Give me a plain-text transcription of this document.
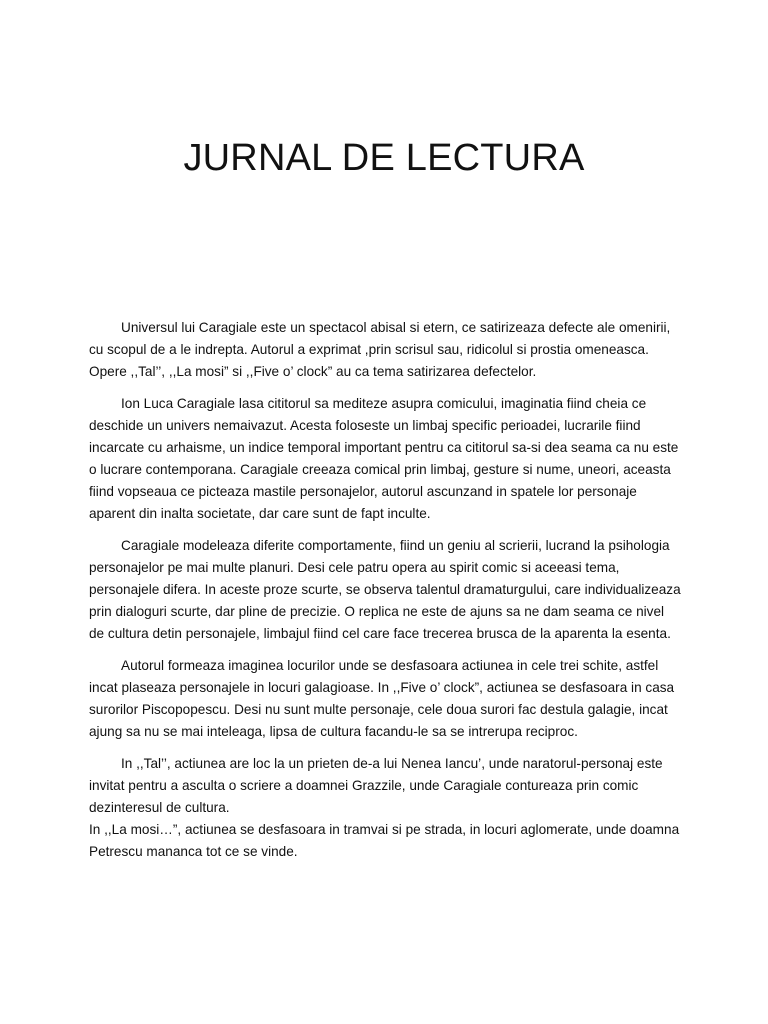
JURNAL DE LECTURA

Universul lui Caragiale este un spectacol abisal si etern, ce satirizeaza defecte ale omenirii, cu scopul de a le indrepta. Autorul a exprimat ,prin scrisul sau, ridicolul si prostia omeneasca. Opere ,,Tal’’, ,,La mosi” si ,,Five o’ clock” au ca tema satirizarea defectelor.

Ion Luca Caragiale lasa cititorul sa mediteze asupra comicului, imaginatia fiind cheia ce deschide un univers nemaivazut. Acesta foloseste un limbaj specific perioadei, lucrarile fiind incarcate cu arhaisme, un indice temporal important pentru ca cititorul sa-si dea seama ca nu este o lucrare contemporana. Caragiale creeaza comical prin limbaj, gesture si nume, uneori, aceasta fiind vopseaua ce picteaza mastile personajelor, autorul ascunzand in spatele lor personaje aparent din inalta societate, dar care sunt de fapt inculte.

Caragiale modeleaza diferite comportamente, fiind un geniu al scrierii, lucrand la psihologia personajelor pe mai multe planuri. Desi cele patru opera au spirit comic si aceeasi tema, personajele difera. In aceste proze scurte, se observa talentul dramaturgului, care individualizeaza prin dialoguri scurte, dar pline de precizie. O replica ne este de ajuns sa ne dam seama ce nivel de cultura detin personajele, limbajul fiind cel care face trecerea brusca de la aparenta la esenta.

Autorul formeaza imaginea locurilor unde se desfasoara actiunea in cele trei schite, astfel incat plaseaza personajele in locuri galagioase. In ,,Five o’ clock”, actiunea se desfasoara in casa surorilor Piscopopescu. Desi nu sunt multe personaje, cele doua surori fac destula galagie, incat ajung sa nu se mai inteleaga, lipsa de cultura facandu-le sa se intrerupa reciproc.

In ,,Tal’’, actiunea are loc la un prieten de-a lui Nenea Iancu’, unde naratorul-personaj este invitat pentru a asculta o scriere a doamnei Grazzile, unde Caragiale contureaza prin comic dezinteresul de cultura.

In ,,La mosi…”, actiunea se desfasoara in tramvai si pe strada, in locuri aglomerate, unde doamna Petrescu mananca tot ce se vinde.
